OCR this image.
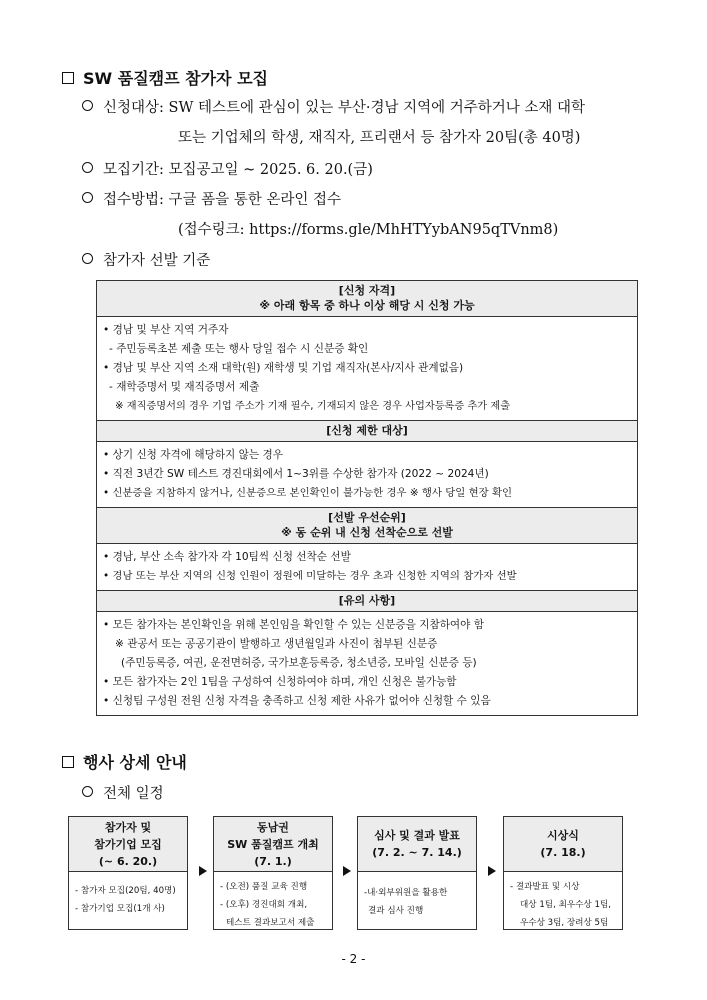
SW 품질캠프 참가자 모집
신청대상: SW 테스트에 관심이 있는 부산·경남 지역에 거주하거나 소재 대학
또는 기업체의 학생, 재직자, 프리랜서 등 참가자 20팀(총 40명)
모집기간: 모집공고일 ~ 2025. 6. 20.(금)
접수방법: 구글 폼을 통한 온라인 접수
(접수링크: https://forms.gle/MhHTYybAN95qTVnm8)
참가자 선발 기준
[신청 자격]
※ 아래 항목 중 하나 이상 해당 시 신청 가능
• 경남 및 부산 지역 거주자
- 주민등록초본 제출 또는 행사 당일 접수 시 신분증 확인
• 경남 및 부산 지역 소재 대학(원) 재학생 및 기업 재직자(본사/지사 관계없음)
- 재학증명서 및 재직증명서 제출
※ 재직증명서의 경우 기업 주소가 기재 필수, 기재되지 않은 경우 사업자등록증 추가 제출
[신청 제한 대상]
• 상기 신청 자격에 해당하지 않는 경우
• 직전 3년간 SW 테스트 경진대회에서 1~3위를 수상한 참가자 (2022 ~ 2024년)
• 신분증을 지참하지 않거나, 신분증으로 본인확인이 불가능한 경우 ※ 행사 당일 현장 확인
[선발 우선순위]
※ 동 순위 내 신청 선착순으로 선발
• 경남, 부산 소속 참가자 각 10팀씩 신청 선착순 선발
• 경남 또는 부산 지역의 신청 인원이 정원에 미달하는 경우 초과 신청한 지역의 참가자 선발
[유의 사항]
• 모든 참가자는 본인확인을 위해 본인임을 확인할 수 있는 신분증을 지참하여야 함
※ 관공서 또는 공공기관이 발행하고 생년월일과 사진이 첨부된 신분증
(주민등록증, 여권, 운전면허증, 국가보훈등록증, 청소년증, 모바일 신분증 등)
• 모든 참가자는 2인 1팀을 구성하여 신청하여야 하며, 개인 신청은 불가능함
• 신청팀 구성원 전원 신청 자격을 충족하고 신청 제한 사유가 없어야 신청할 수 있음
행사 상세 안내
전체 일정
참가자 및
참가기업 모집
(~ 6. 20.)
- 참가자 모집(20팀, 40명)
- 참가기업 모집(1개 사)
동남권
SW 품질캠프 개최
(7. 1.)
- (오전) 품질 교육 진행
- (오후) 경진대회 개최,
테스트 결과보고서 제출
심사 및 결과 발표
(7. 2. ~ 7. 14.)
-내·외부위원을 활용한
결과 심사 진행
시상식
(7. 18.)
- 결과발표 및 시상
대상 1팀, 최우수상 1팀,
우수상 3팀, 장려상 5팀
- 2 -
